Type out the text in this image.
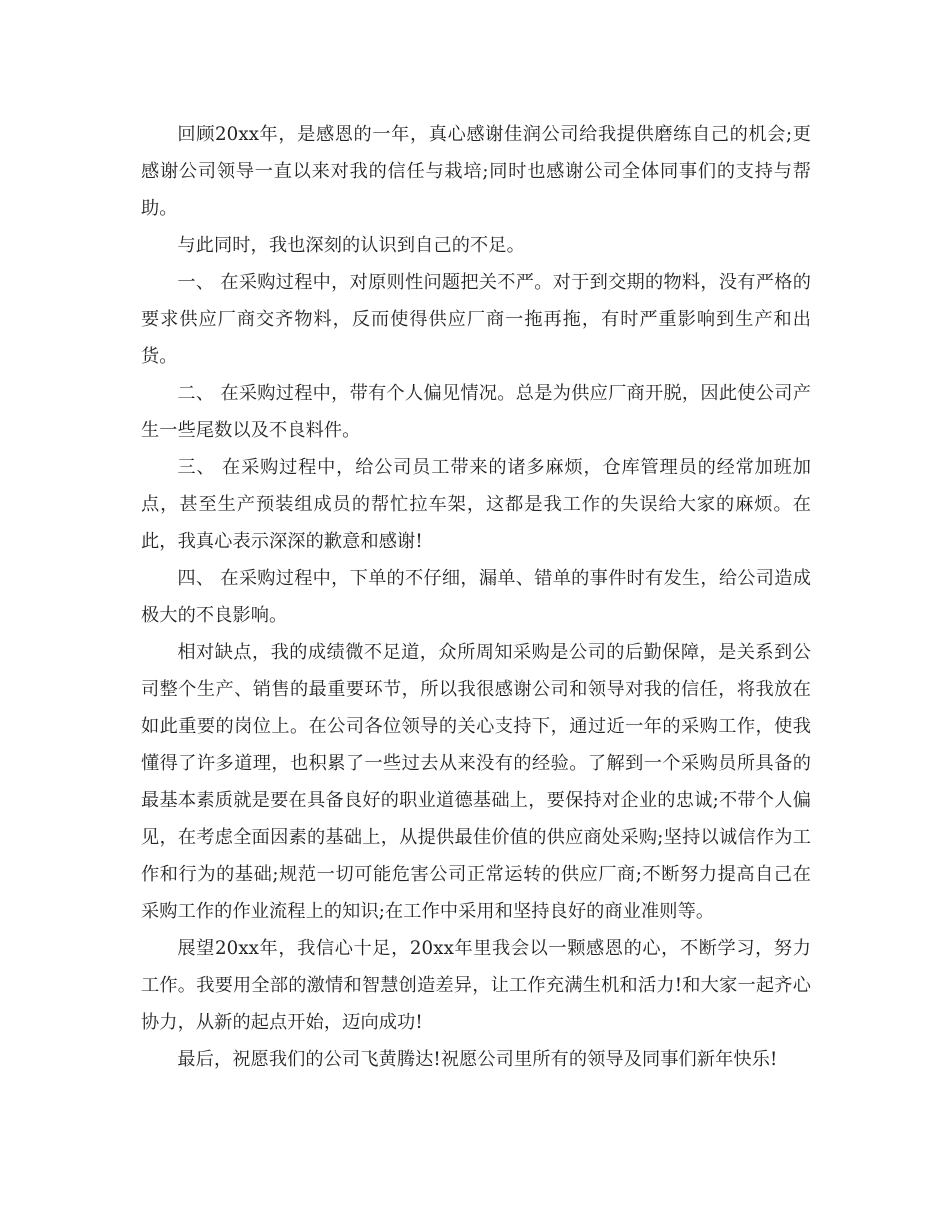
回顾20xx年，是感恩的一年，真心感谢佳润公司给我提供磨练自己的机会;更感谢公司领导一直以来对我的信任与栽培;同时也感谢公司全体同事们的支持与帮助。

与此同时，我也深刻的认识到自己的不足。

一、 在采购过程中，对原则性问题把关不严。对于到交期的物料，没有严格的要求供应厂商交齐物料，反而使得供应厂商一拖再拖，有时严重影响到生产和出货。

二、 在采购过程中，带有个人偏见情况。总是为供应厂商开脱，因此使公司产生一些尾数以及不良料件。

三、 在采购过程中，给公司员工带来的诸多麻烦，仓库管理员的经常加班加点，甚至生产预装组成员的帮忙拉车架，这都是我工作的失误给大家的麻烦。在此，我真心表示深深的歉意和感谢!

四、 在采购过程中，下单的不仔细，漏单、错单的事件时有发生，给公司造成极大的不良影响。

相对缺点，我的成绩微不足道，众所周知采购是公司的后勤保障，是关系到公司整个生产、销售的最重要环节，所以我很感谢公司和领导对我的信任，将我放在如此重要的岗位上。在公司各位领导的关心支持下，通过近一年的采购工作，使我懂得了许多道理，也积累了一些过去从来没有的经验。了解到一个采购员所具备的最基本素质就是要在具备良好的职业道德基础上，要保持对企业的忠诚;不带个人偏见，在考虑全面因素的基础上，从提供最佳价值的供应商处采购;坚持以诚信作为工作和行为的基础;规范一切可能危害公司正常运转的供应厂商;不断努力提高自己在采购工作的作业流程上的知识;在工作中采用和坚持良好的商业准则等。

展望20xx年，我信心十足，20xx年里我会以一颗感恩的心，不断学习，努力工作。我要用全部的激情和智慧创造差异，让工作充满生机和活力!和大家一起齐心协力，从新的起点开始，迈向成功!

最后，祝愿我们的公司飞黄腾达!祝愿公司里所有的领导及同事们新年快乐!
